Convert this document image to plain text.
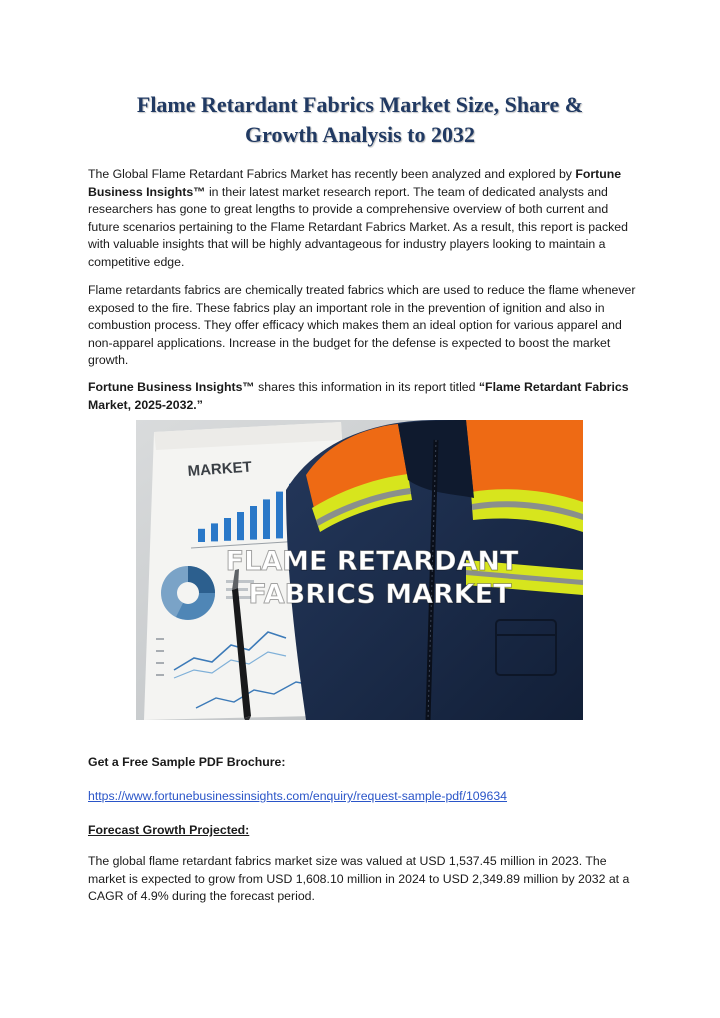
Flame Retardant Fabrics Market Size, Share &
Growth Analysis to 2032

The Global Flame Retardant Fabrics Market has recently been analyzed and explored by Fortune Business Insights™ in their latest market research report. The team of dedicated analysts and researchers has gone to great lengths to provide a comprehensive overview of both current and future scenarios pertaining to the Flame Retardant Fabrics Market. As a result, this report is packed with valuable insights that will be highly advantageous for industry players looking to maintain a competitive edge.

Flame retardants fabrics are chemically treated fabrics which are used to reduce the flame whenever exposed to the fire. These fabrics play an important role in the prevention of ignition and also in combustion process. They offer efficacy which makes them an ideal option for various apparel and non-apparel applications. Increase in the budget for the defense is expected to boost the market growth.

Fortune Business Insights™ shares this information in its report titled “Flame Retardant Fabrics Market, 2025-2032.”

MARKET
FLAME RETARDANT
FABRICS MARKET

Get a Free Sample PDF Brochure:

https://www.fortunebusinessinsights.com/enquiry/request-sample-pdf/109634

Forecast Growth Projected:

The global flame retardant fabrics market size was valued at USD 1,537.45 million in 2023. The market is expected to grow from USD 1,608.10 million in 2024 to USD 2,349.89 million by 2032 at a CAGR of 4.9% during the forecast period.
